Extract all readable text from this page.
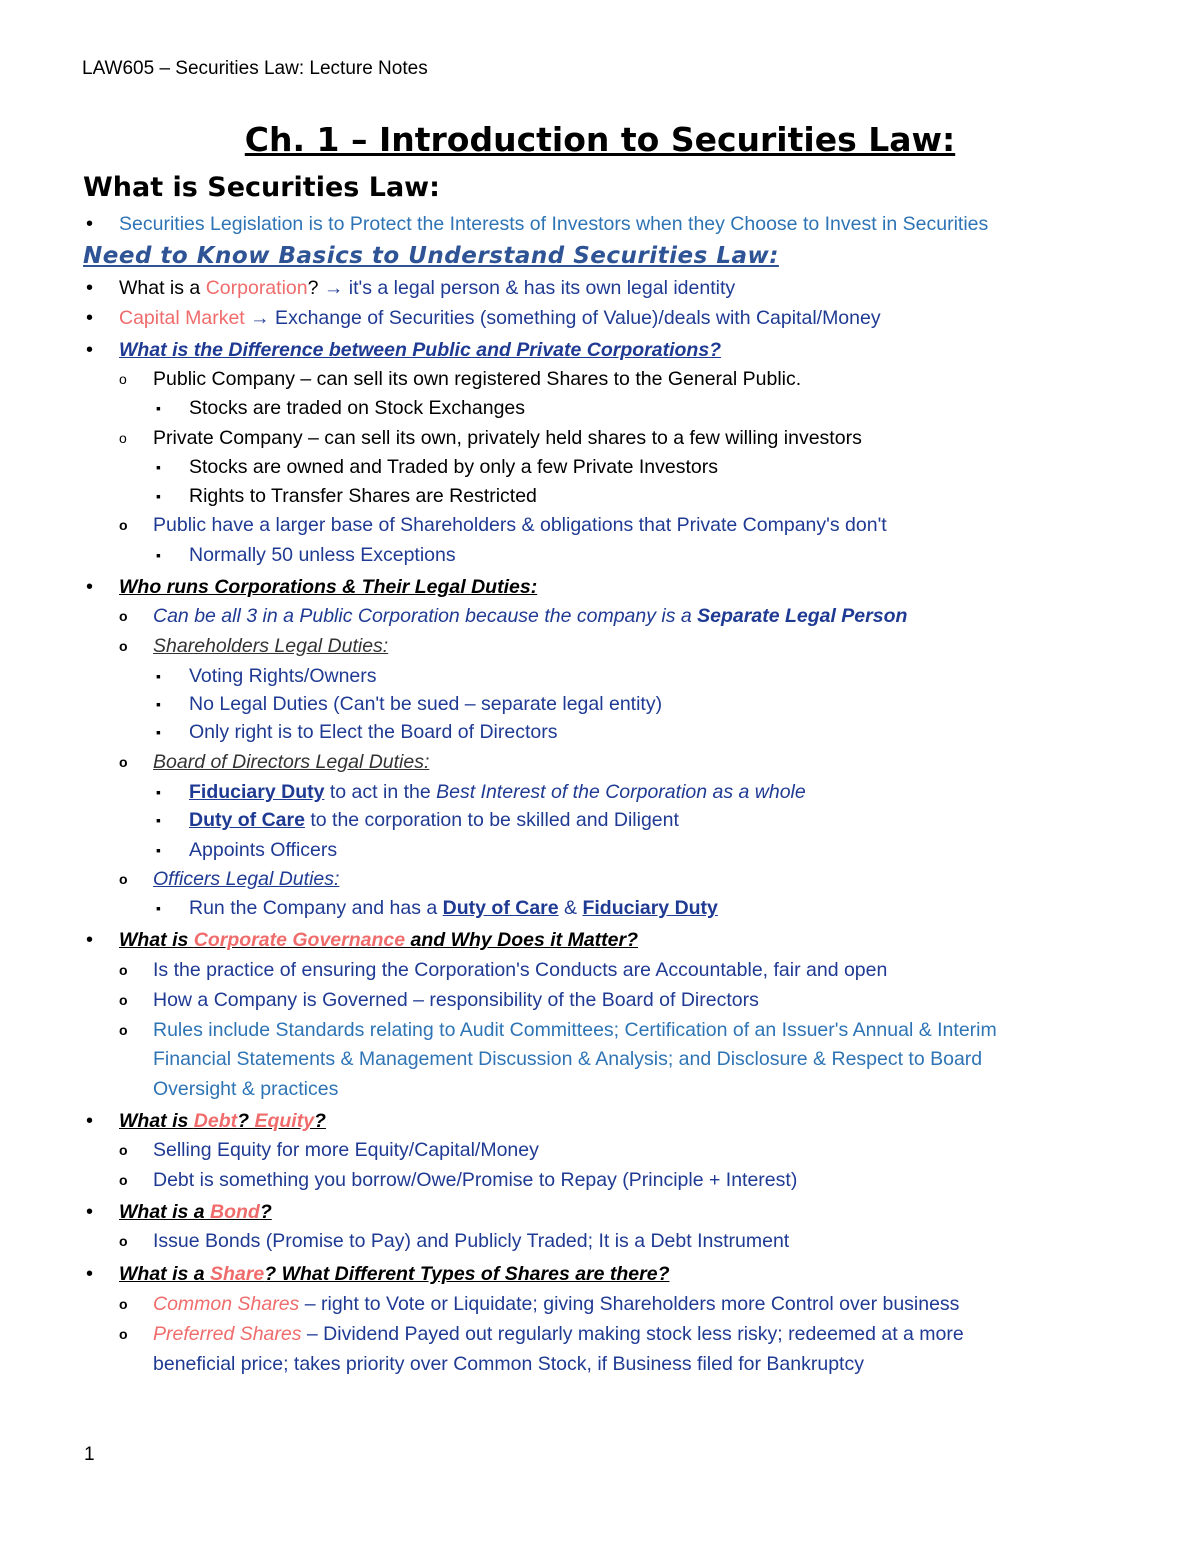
LAW605 – Securities Law: Lecture Notes
Ch. 1 – Introduction to Securities Law:
What is Securities Law:
• Securities Legislation is to Protect the Interests of Investors when they Choose to Invest in Securities
Need to Know Basics to Understand Securities Law:
• What is a Corporation? → it's a legal person & has its own legal identity
• Capital Market → Exchange of Securities (something of Value)/deals with Capital/Money
• What is the Difference between Public and Private Corporations?
o Public Company – can sell its own registered Shares to the General Public.
▪ Stocks are traded on Stock Exchanges
o Private Company – can sell its own, privately held shares to a few willing investors
▪ Stocks are owned and Traded by only a few Private Investors
▪ Rights to Transfer Shares are Restricted
o Public have a larger base of Shareholders & obligations that Private Company's don't
▪ Normally 50 unless Exceptions
• Who runs Corporations & Their Legal Duties:
o Can be all 3 in a Public Corporation because the company is a Separate Legal Person
o Shareholders Legal Duties:
▪ Voting Rights/Owners
▪ No Legal Duties (Can't be sued – separate legal entity)
▪ Only right is to Elect the Board of Directors
o Board of Directors Legal Duties:
▪ Fiduciary Duty to act in the Best Interest of the Corporation as a whole
▪ Duty of Care to the corporation to be skilled and Diligent
▪ Appoints Officers
o Officers Legal Duties:
▪ Run the Company and has a Duty of Care & Fiduciary Duty
• What is Corporate Governance and Why Does it Matter?
o Is the practice of ensuring the Corporation's Conducts are Accountable, fair and open
o How a Company is Governed – responsibility of the Board of Directors
o Rules include Standards relating to Audit Committees; Certification of an Issuer's Annual & Interim
Financial Statements & Management Discussion & Analysis; and Disclosure & Respect to Board
Oversight & practices
• What is Debt? Equity?
o Selling Equity for more Equity/Capital/Money
o Debt is something you borrow/Owe/Promise to Repay (Principle + Interest)
• What is a Bond?
o Issue Bonds (Promise to Pay) and Publicly Traded; It is a Debt Instrument
• What is a Share? What Different Types of Shares are there?
o Common Shares – right to Vote or Liquidate; giving Shareholders more Control over business
o Preferred Shares – Dividend Payed out regularly making stock less risky; redeemed at a more
beneficial price; takes priority over Common Stock, if Business filed for Bankruptcy
1
